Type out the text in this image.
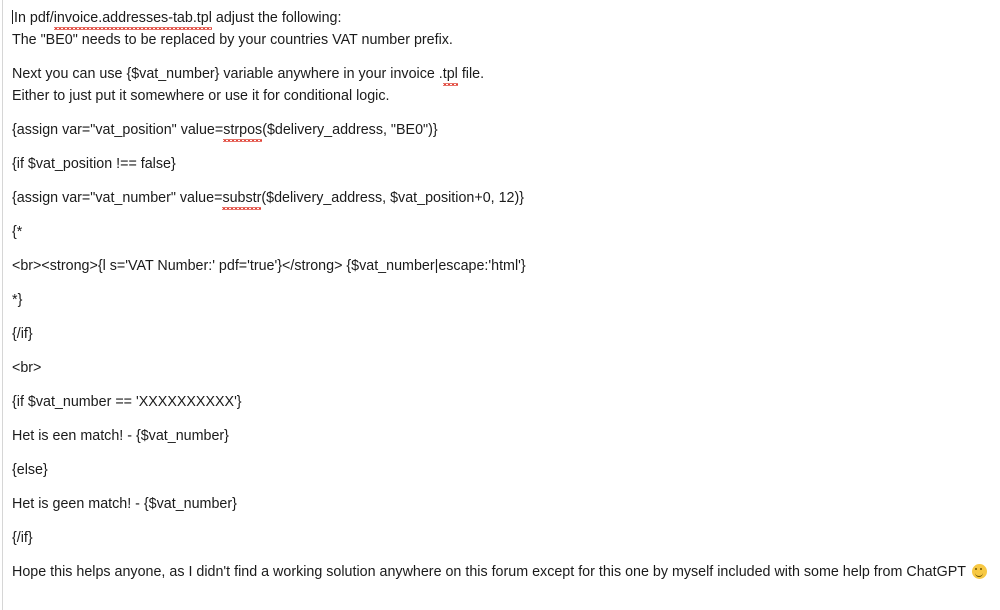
In pdf/invoice.addresses-tab.tpl adjust the following:
The "BE0" needs to be replaced by your countries VAT number prefix.
Next you can use {$vat_number} variable anywhere in your invoice .tpl file.
Either to just put it somewhere or use it for conditional logic.
{assign var="vat_position" value=strpos($delivery_address, "BE0")}
{if $vat_position !== false}
{assign var="vat_number" value=substr($delivery_address, $vat_position+0, 12)}
{*
<br><strong>{l s='VAT Number:' pdf='true'}</strong> {$vat_number|escape:'html'}
*}
{/if}
<br>
{if $vat_number == 'XXXXXXXXXX'}
Het is een match! - {$vat_number}
{else}
Het is geen match! - {$vat_number}
{/if}
Hope this helps anyone, as I didn't find a working solution anywhere on this forum except for this one by myself included with some help from ChatGPT
